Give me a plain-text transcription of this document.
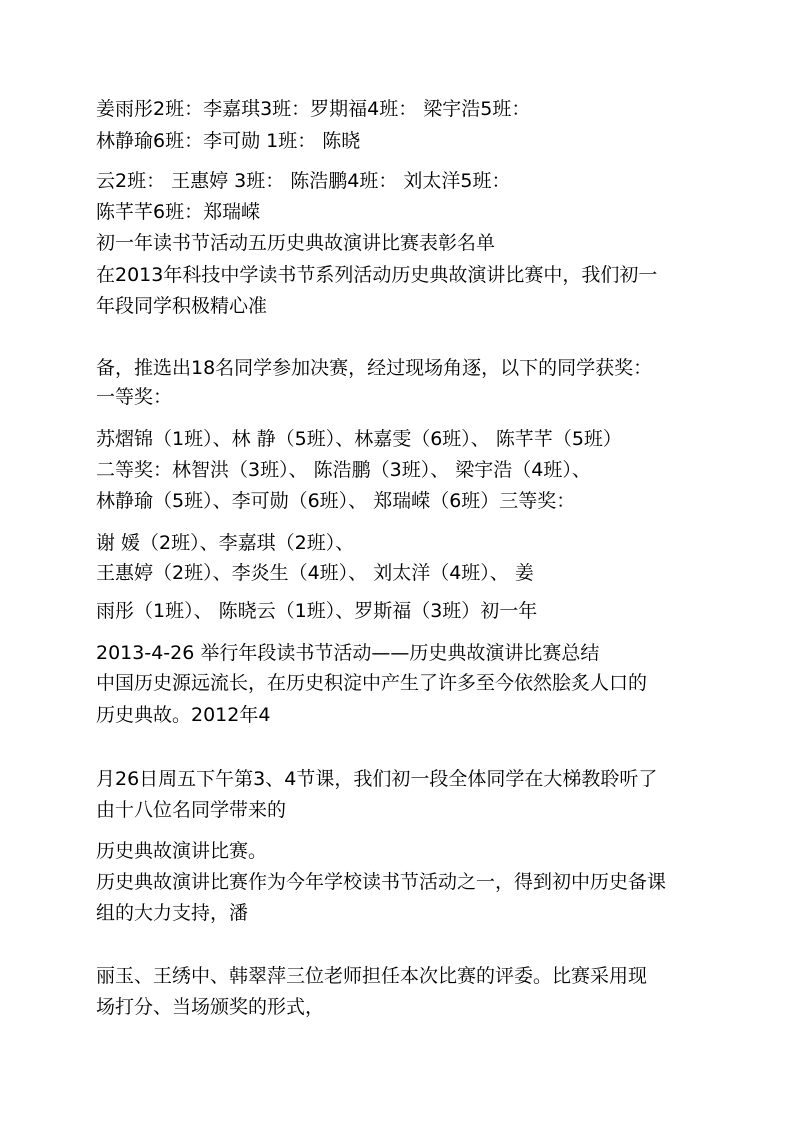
姜雨彤2班：李嘉琪3班：罗期福4班： 梁宇浩5班：
林静瑜6班：李可勋 1班： 陈晓
云2班： 王惠婷 3班： 陈浩鹏4班： 刘太洋5班：
陈芊芊6班：郑瑞嵘
初一年读书节活动五历史典故演讲比赛表彰名单
在2013年科技中学读书节系列活动历史典故演讲比赛中，我们初一
年段同学积极精心准
备，推选出18名同学参加决赛，经过现场角逐，以下的同学获奖：
一等奖：
苏熠锦（1班）、林 静（5班）、林嘉雯（6班）、 陈芊芊（5班）
二等奖：林智洪（3班）、 陈浩鹏（3班）、 梁宇浩（4班）、
林静瑜（5班）、李可勋（6班）、 郑瑞嵘（6班）三等奖：
谢 媛（2班）、李嘉琪（2班）、
王惠婷（2班）、李炎生（4班）、 刘太洋（4班）、 姜
雨彤（1班）、 陈晓云（1班）、罗斯福（3班）初一年
2013-4-26 举行年段读书节活动——历史典故演讲比赛总结
中国历史源远流长，在历史积淀中产生了许多至今依然脍炙人口的
历史典故。2012年4
月26日周五下午第3、4节课，我们初一段全体同学在大梯教聆听了
由十八位名同学带来的
历史典故演讲比赛。
历史典故演讲比赛作为今年学校读书节活动之一，得到初中历史备课
组的大力支持，潘
丽玉、王绣中、韩翠萍三位老师担任本次比赛的评委。比赛采用现
场打分、当场颁奖的形式，
